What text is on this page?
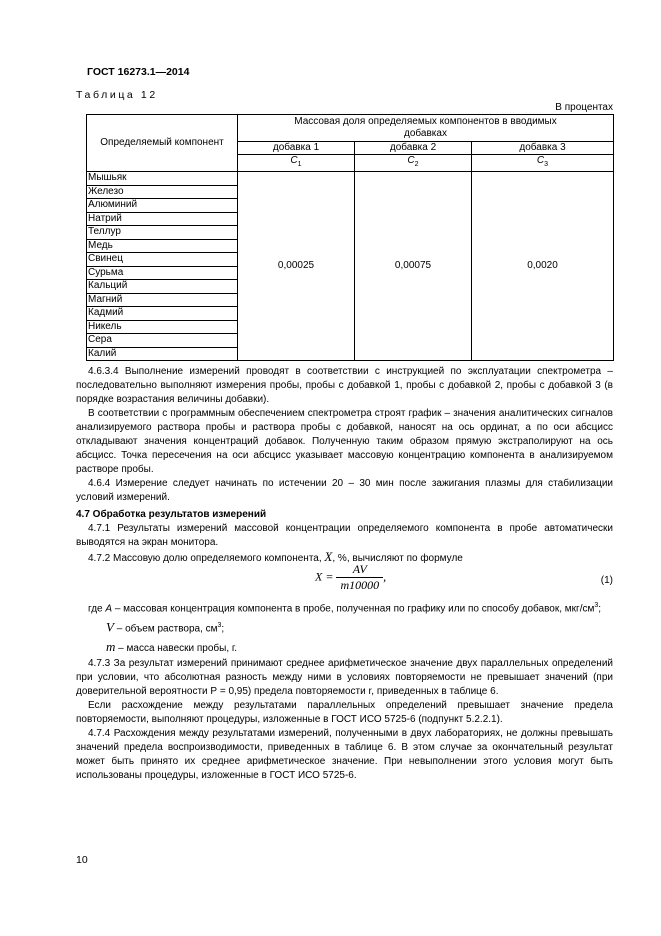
ГОСТ 16273.1—2014
Таблица 12
В процентах
Определяемый компонент	Массовая доля определяемых компонентов в вводимых добавках		
	добавка 1	добавка 2	добавка 3
	$С_1$	$С_2$	$С_3$
Мышьяк	0,00025	0,00075	0,0020
Железо			
Алюминий			
Натрий			
Теллур			
Медь			
Свинец			
Сурьма			
Кальций			
Магний			
Кадмий			
Никель			
Сера			
Калий			

4.6.3.4 Выполнение измерений проводят в соответствии с инструкцией по эксплуатации спектрометра – последовательно выполняют измерения пробы, пробы с добавкой 1, пробы с добавкой 2, пробы с добавкой 3 (в порядке возрастания величины добавки).

В соответствии с программным обеспечением спектрометра строят график – значения аналитических сигналов анализируемого раствора пробы и раствора пробы с добавкой, наносят на ось ординат, а по оси абсцисс откладывают значения концентраций добавок. Полученную таким образом прямую экстраполируют на ось абсцисс. Точка пересечения на оси абсцисс указывает массовую концентрацию компонента в анализируемом растворе пробы.

4.6.4 Измерение следует начинать по истечении 20 – 30 мин после зажигания плазмы для стабилизации условий измерений.

4.7 Обработка результатов измерений

4.7.1 Результаты измерений массовой концентрации определяемого компонента в пробе автоматически выводятся на экран монитора.

4.7.2 Массовую долю определяемого компонента, X, %, вычисляют по формуле

$X = \frac{AV}{m10000}$ ,	(1)

где A – массовая концентрация компонента в пробе, полученная по графику или по способу добавок, мкг/$см^3$;

V – объем раствора, $см^3$;

m – масса навески пробы, г.

4.7.3 За результат измерений принимают среднее арифметическое значение двух параллельных определений при условии, что абсолютная разность между ними в условиях повторяемости не превышает значений (при доверительной вероятности Р = 0,95) предела повторяемости r, приведенных в таблице 6.

Если расхождение между результатами параллельных определений превышает значение предела повторяемости, выполняют процедуры, изложенные в ГОСТ ИСО 5725-6 (подпункт 5.2.2.1).

4.7.4 Расхождения между результатами измерений, полученными в двух лабораториях, не должны превышать значений предела воспроизводимости, приведенных в таблице 6. В этом случае за окончательный результат может быть принято их среднее арифметическое значение. При невыполнении этого условия могут быть использованы процедуры, изложенные в ГОСТ ИСО 5725-6.

10
